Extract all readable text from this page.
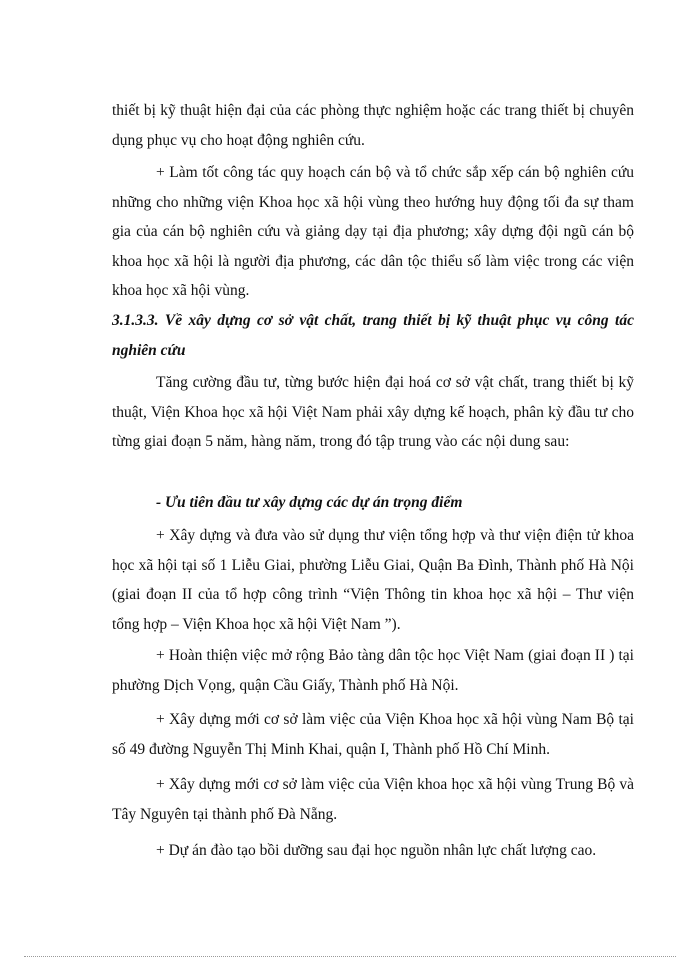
thiết bị kỹ thuật hiện đại của các phòng thực nghiệm hoặc các trang thiết bị chuyên dụng phục vụ cho hoạt động nghiên cứu.

+ Làm tốt công tác quy hoạch cán bộ và tổ chức sắp xếp cán bộ nghiên cứu những cho những viện Khoa học xã hội vùng theo hướng huy động tối đa sự tham gia của cán bộ nghiên cứu và giảng dạy tại địa phương; xây dựng đội ngũ cán bộ khoa học xã hội là người địa phương, các dân tộc thiểu số làm việc trong các viện khoa học xã hội vùng.

3.1.3.3. Về xây dựng cơ sở vật chất, trang thiết bị kỹ thuật phục vụ công tác nghiên cứu

Tăng cường đầu tư, từng bước hiện đại hoá cơ sở vật chất, trang thiết bị kỹ thuật, Viện Khoa học xã hội Việt Nam phải xây dựng kế hoạch, phân kỳ đầu tư cho từng giai đoạn 5 năm, hàng năm, trong đó tập trung vào các nội dung sau:

- Ưu tiên đầu tư xây dựng các dự án trọng điểm

+ Xây dựng và đưa vào sử dụng thư viện tổng hợp và thư viện điện tử khoa học xã hội tại số 1 Liễu Giai, phường Liễu Giai, Quận Ba Đình, Thành phố Hà Nội (giai đoạn II của tổ hợp công trình “Viện Thông tin khoa học xã hội – Thư viện tổng hợp – Viện Khoa học xã hội Việt Nam ”).

+ Hoàn thiện việc mở rộng Bảo tàng dân tộc học Việt Nam (giai đoạn II ) tại phường Dịch Vọng, quận Cầu Giấy, Thành phố Hà Nội.

+ Xây dựng mới cơ sở làm việc của Viện Khoa học xã hội vùng Nam Bộ tại số 49 đường Nguyễn Thị Minh Khai, quận I, Thành phố Hồ Chí Minh.

+ Xây dựng mới cơ sở làm việc của Viện khoa học xã hội vùng Trung Bộ và Tây Nguyên tại thành phố Đà Nẵng.

+ Dự án đào tạo bồi dưỡng sau đại học nguồn nhân lực chất lượng cao.
